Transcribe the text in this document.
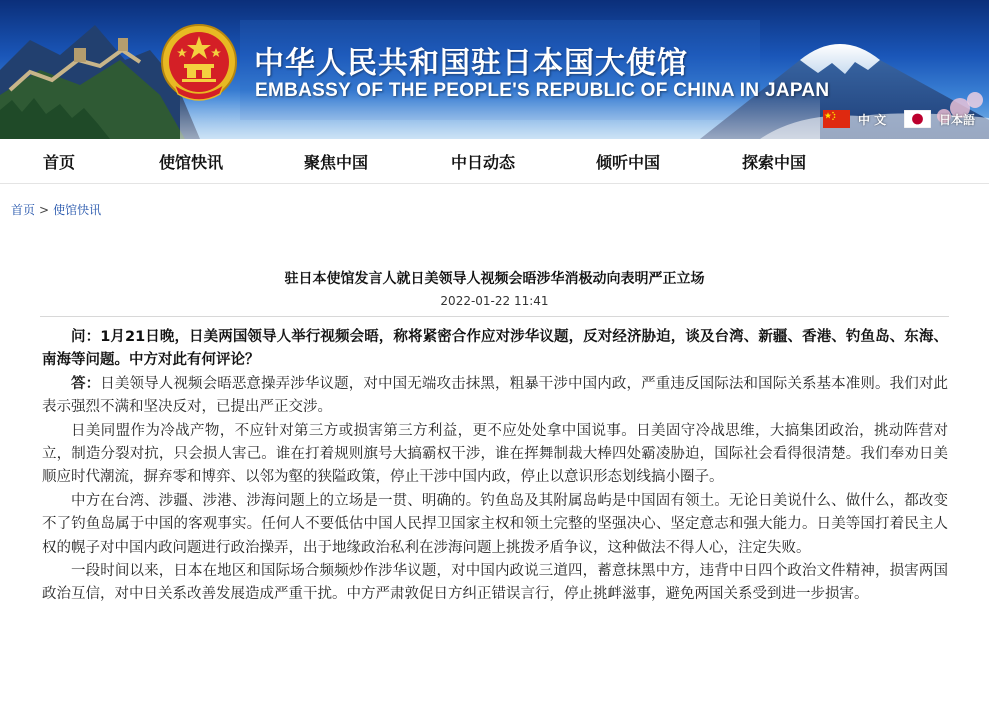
中华人民共和国驻日本国大使馆
EMBASSY OF THE PEOPLE'S REPUBLIC OF CHINA IN JAPAN
中 文	日本語
首页	使馆快讯	聚焦中国	中日动态	倾听中国	探索中国
首页 > 使馆快讯
驻日本使馆发言人就日美领导人视频会晤涉华消极动向表明严正立场
2022-01-22 11:41

问：1月21日晚，日美两国领导人举行视频会晤，称将紧密合作应对涉华议题，反对经济胁迫，谈及台湾、新疆、香港、钓鱼岛、东海、南海等问题。中方对此有何评论？

答：日美领导人视频会晤恶意操弄涉华议题，对中国无端攻击抹黑，粗暴干涉中国内政，严重违反国际法和国际关系基本准则。我们对此表示强烈不满和坚决反对，已提出严正交涉。

日美同盟作为冷战产物，不应针对第三方或损害第三方利益，更不应处处拿中国说事。日美固守冷战思维，大搞集团政治，挑动阵营对立，制造分裂对抗，只会损人害己。谁在打着规则旗号大搞霸权干涉，谁在挥舞制裁大棒四处霸凌胁迫，国际社会看得很清楚。我们奉劝日美顺应时代潮流，摒弃零和博弈、以邻为壑的狭隘政策，停止干涉中国内政，停止以意识形态划线搞小圈子。

中方在台湾、涉疆、涉港、涉海问题上的立场是一贯、明确的。钓鱼岛及其附属岛屿是中国固有领土。无论日美说什么、做什么，都改变不了钓鱼岛属于中国的客观事实。任何人不要低估中国人民捍卫国家主权和领土完整的坚强决心、坚定意志和强大能力。日美等国打着民主人权的幌子对中国内政问题进行政治操弄，出于地缘政治私利在涉海问题上挑拨矛盾争议，这种做法不得人心，注定失败。

一段时间以来，日本在地区和国际场合频频炒作涉华议题，对中国内政说三道四，蓄意抹黑中方，违背中日四个政治文件精神，损害两国政治互信，对中日关系改善发展造成严重干扰。中方严肃敦促日方纠正错误言行，停止挑衅滋事，避免两国关系受到进一步损害。
